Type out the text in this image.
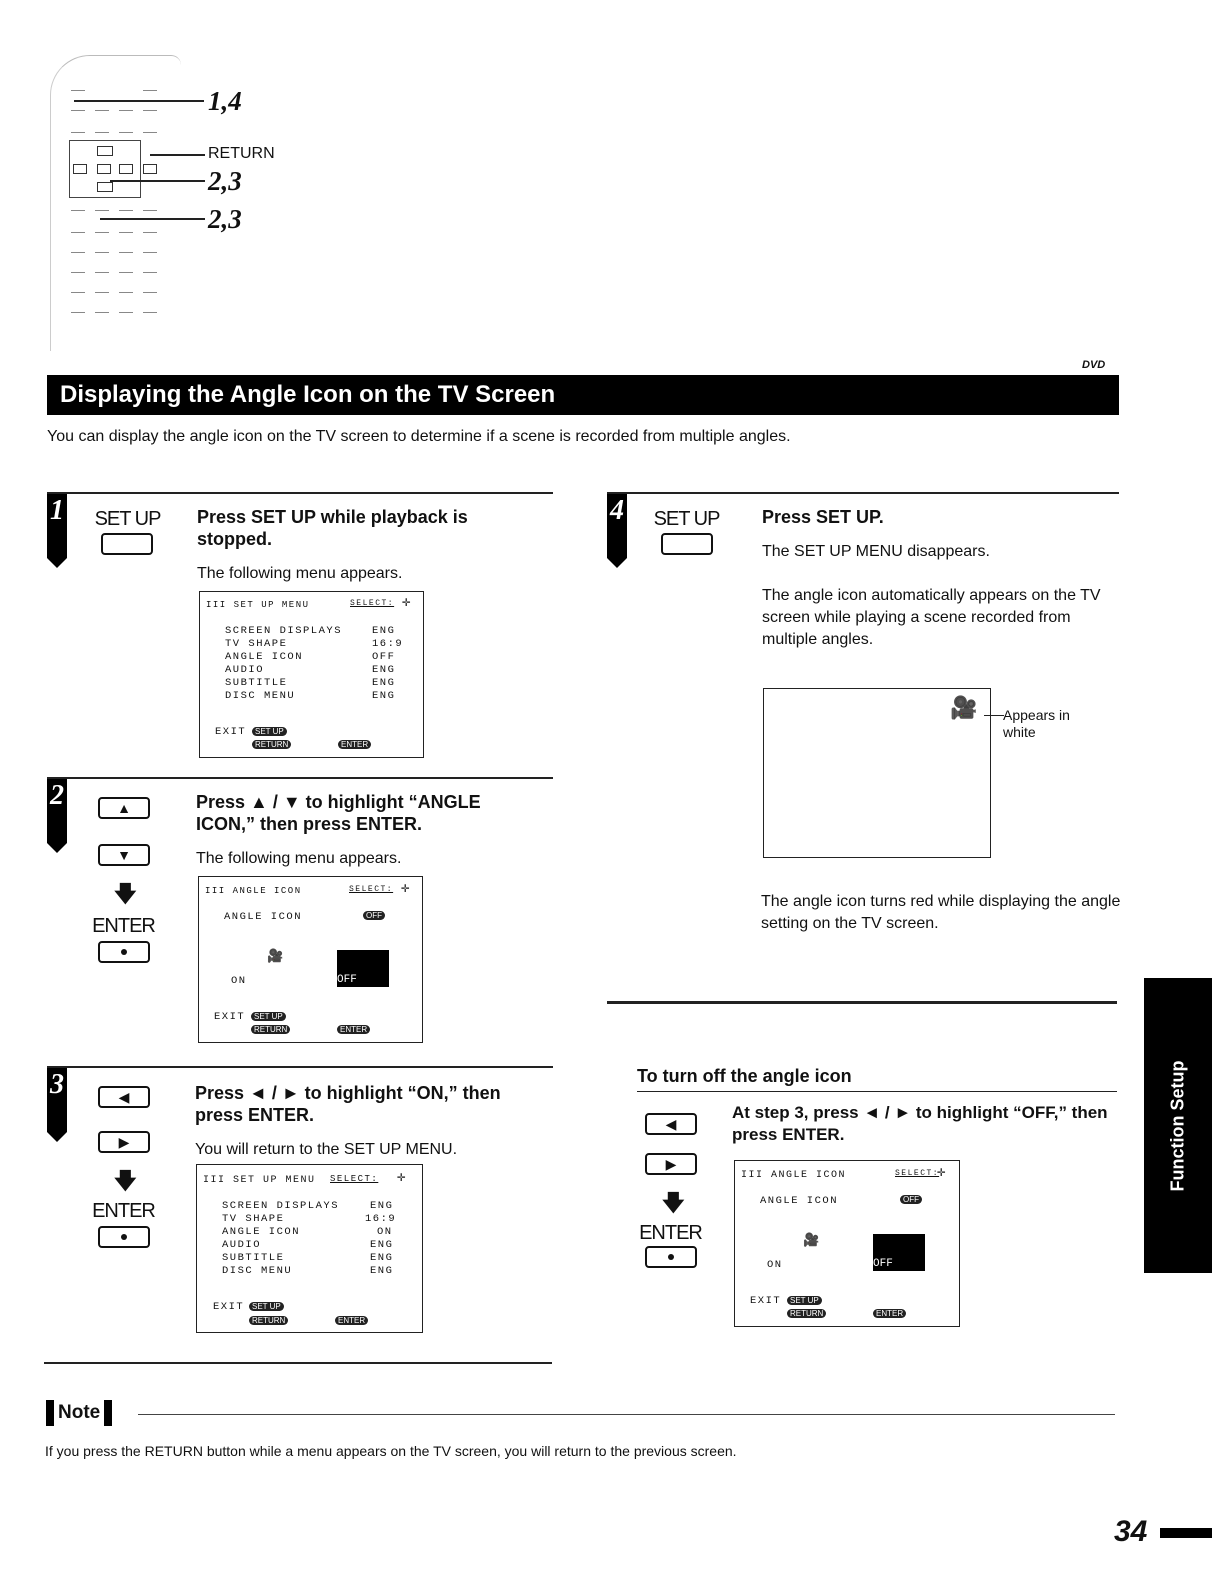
1,4
RETURN
2,3
2,3
DVD
Displaying the Angle Icon on the TV Screen
You can display the angle icon on the TV screen to determine if a scene is recorded from multiple angles.
1 SET UP Press SET UP while playback is stopped.
The following menu appears.
III SET UP MENU	SELECT: ✛
SCREEN DISPLAYS	ENG
TV SHAPE	16:9
ANGLE ICON	OFF
AUDIO	ENG
SUBTITLE	ENG
DISC MENU	ENG
EXIT	SET UP
RETURN	ENTER
2	▲
▼
🡇
ENTER
Press ▲ / ▼ to highlight “ANGLE ICON,” then press ENTER.
The following menu appears.
III ANGLE ICON	SELECT: ✛
ANGLE ICON	OFF
🎥
ON	OFF
EXIT	SET UP
RETURN	ENTER
3	◀
▶
🡇
ENTER
Press ◄ / ► to highlight “ON,” then press ENTER.
You will return to the SET UP MENU.
III SET UP MENU SELECT: ✛
SCREEN DISPLAYS	ENG
TV SHAPE	16:9
ANGLE ICON	ON
AUDIO	ENG
SUBTITLE	ENG
DISC MENU	ENG
EXIT SET UP
RETURN	ENTER
4 SET UP Press SET UP.
The SET UP MENU disappears.
The angle icon automatically appears on the TV screen while playing a scene recorded from multiple angles.
🎥 Appears in white
The angle icon turns red while displaying the angle setting on the TV screen.
To turn off the angle icon
◀
▶
🡇
ENTER
At step 3, press ◄ / ► to highlight “OFF,” then press ENTER.
III ANGLE ICON	SELECT:
✛
ANGLE ICON	OFF
🎥
ON	OFF
EXIT	SET UP
RETURN	ENTER
Function Setup
Note
If you press the RETURN button while a menu appears on the TV screen, you will return to the previous screen.
34
